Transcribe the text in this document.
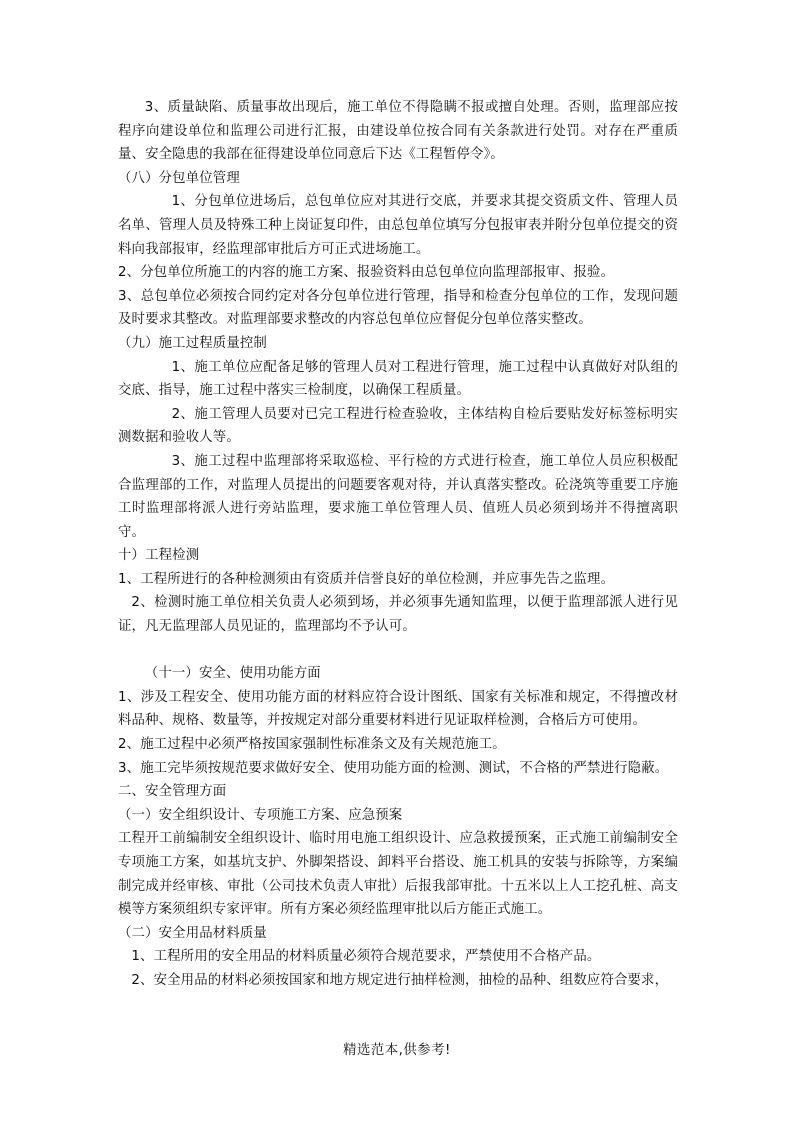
3、质量缺陷、质量事故出现后，施工单位不得隐瞒不报或擅自处理。否则，监理部应按程序向建设单位和监理公司进行汇报，由建设单位按合同有关条款进行处罚。对存在严重质量、安全隐患的我部在征得建设单位同意后下达《工程暂停令》。

（八）分包单位管理

1、分包单位进场后，总包单位应对其进行交底，并要求其提交资质文件、管理人员名单、管理人员及特殊工种上岗证复印件，由总包单位填写分包报审表并附分包单位提交的资料向我部报审，经监理部审批后方可正式进场施工。

2、分包单位所施工的内容的施工方案、报验资料由总包单位向监理部报审、报验。

3、总包单位必须按合同约定对各分包单位进行管理，指导和检查分包单位的工作，发现问题及时要求其整改。对监理部要求整改的内容总包单位应督促分包单位落实整改。

（九）施工过程质量控制

1、施工单位应配备足够的管理人员对工程进行管理，施工过程中认真做好对队组的交底、指导，施工过程中落实三检制度，以确保工程质量。

2、施工管理人员要对已完工程进行检查验收，主体结构自检后要贴发好标签标明实测数据和验收人等。

3、施工过程中监理部将采取巡检、平行检的方式进行检查，施工单位人员应积极配合监理部的工作，对监理人员提出的问题要客观对待，并认真落实整改。砼浇筑等重要工序施工时监理部将派人进行旁站监理，要求施工单位管理人员、值班人员必须到场并不得擅离职守。

十）工程检测

1、工程所进行的各种检测须由有资质并信誉良好的单位检测，并应事先告之监理。

2、检测时施工单位相关负责人必须到场，并必须事先通知监理，以便于监理部派人进行见证，凡无监理部人员见证的，监理部均不予认可。

（十一）安全、使用功能方面

1、涉及工程安全、使用功能方面的材料应符合设计图纸、国家有关标准和规定，不得擅改材料品种、规格、数量等，并按规定对部分重要材料进行见证取样检测，合格后方可使用。

2、施工过程中必须严格按国家强制性标准条文及有关规范施工。

3、施工完毕须按规范要求做好安全、使用功能方面的检测、测试，不合格的严禁进行隐蔽。

二、安全管理方面

（一）安全组织设计、专项施工方案、应急预案

工程开工前编制安全组织设计、临时用电施工组织设计、应急救援预案，正式施工前编制安全专项施工方案，如基坑支护、外脚架搭设、卸料平台搭设、施工机具的安装与拆除等，方案编制完成并经审核、审批（公司技术负责人审批）后报我部审批。十五米以上人工挖孔桩、高支模等方案须组织专家评审。所有方案必须经监理审批以后方能正式施工。

（二）安全用品材料质量

1、工程所用的安全用品的材料质量必须符合规范要求，严禁使用不合格产品。

2、安全用品的材料必须按国家和地方规定进行抽样检测，抽检的品种、组数应符合要求，

精选范本,供参考!
